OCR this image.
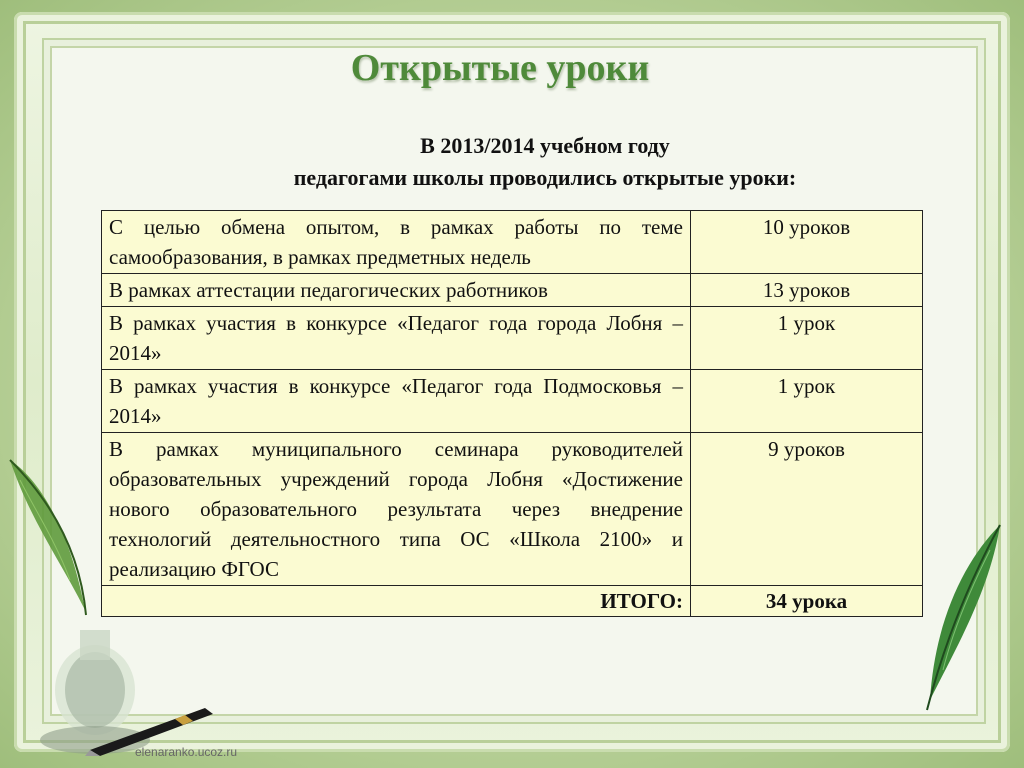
Открытые уроки
В 2013/2014 учебном году
педагогами школы проводились открытые уроки:
С целью обмена опытом, в рамках работы по теме самообразования, в рамках предметных недель	10 уроков
В рамках аттестации педагогических работников	13 уроков
В рамках участия в конкурсе «Педагог года города Лобня – 2014»	1 урок
В рамках участия в конкурсе «Педагог года Подмосковья – 2014»	1 урок
В рамках муниципального семинара руководителей образовательных учреждений города Лобня «Достижение нового образовательного результата через внедрение технологий деятельностного типа ОС «Школа 2100» и реализацию ФГОС	9 уроков
ИТОГО:	34 урока
elenaranko.ucoz.ru
